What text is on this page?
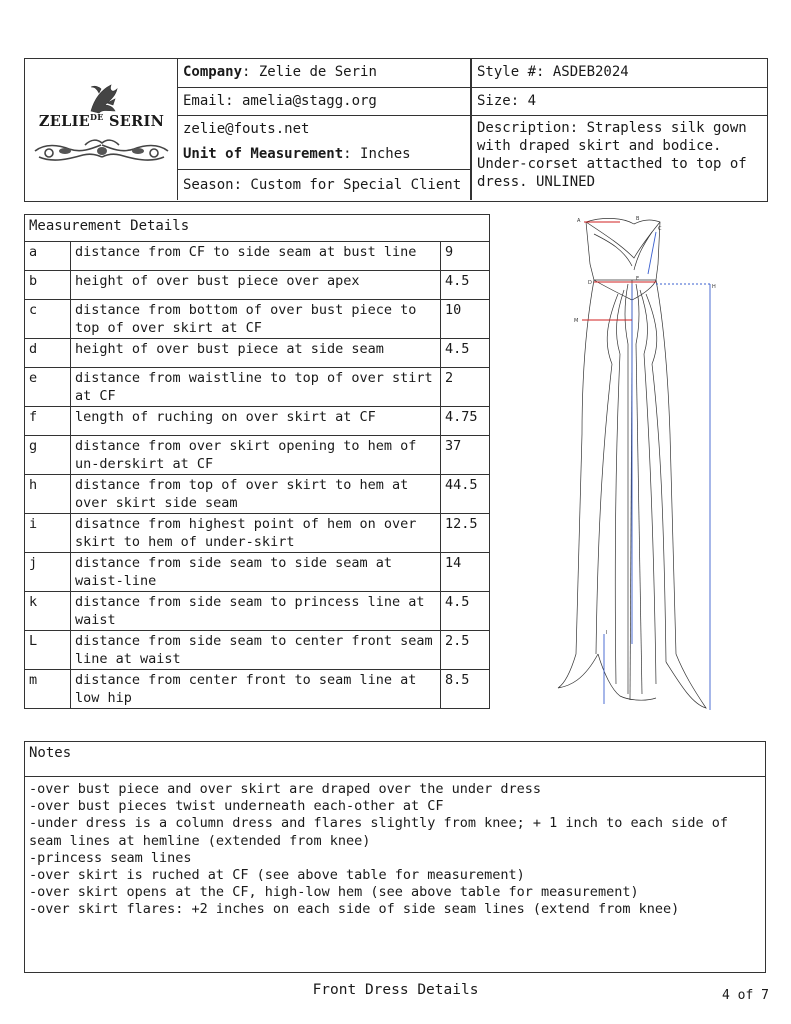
$ZELIE^{DE}$ SERIN
Company: Zelie de Serin
Email: amelia@stagg.org
zelie@fouts.net
Unit of Measurement: Inches
Season: Custom for Special Client
Style #: ASDEB2024
Size: 4
Description: Strapless silk gown with draped skirt and bodice. Under-corset attacthed to top of dress. UNLINED
Measurement Details		
a	distance from CF to side seam at bust line	9
b	height of over bust piece over apex	4.5
c	distance from bottom of over bust piece to top of over skirt at CF	10
d	height of over bust piece at side seam	4.5
e	distance from waistline to top of over stirt at CF	2
f	length of ruching on over skirt at CF	4.75
g	distance from over skirt opening to hem of un-derskirt at CF	37
h	distance from top of over skirt to hem at over skirt side seam	44.5
i	disatnce from highest point of hem on over skirt to hem of under-skirt	12.5
j	distance from side seam to side seam at waist-line	14
k	distance from side seam to princess line at waist	4.5
L	distance from side seam to center front seam line at waist	2.5
m	distance from center front to seam line at low hip	8.5
A	B
C
D
E
H
M
I
Notes
-over bust piece and over skirt are draped over the under dress
-over bust pieces twist underneath each-other at CF
-under dress is a column dress and flares slightly from knee; + 1 inch to each side of seam lines at hemline (extended from knee)
-princess seam lines
-over skirt is ruched at CF (see above table for measurement)
-over skirt opens at the CF, high-low hem (see above table for measurement)
-over skirt flares: +2 inches on each side of side seam lines (extend from knee)
Front Dress Details	4 of 7
